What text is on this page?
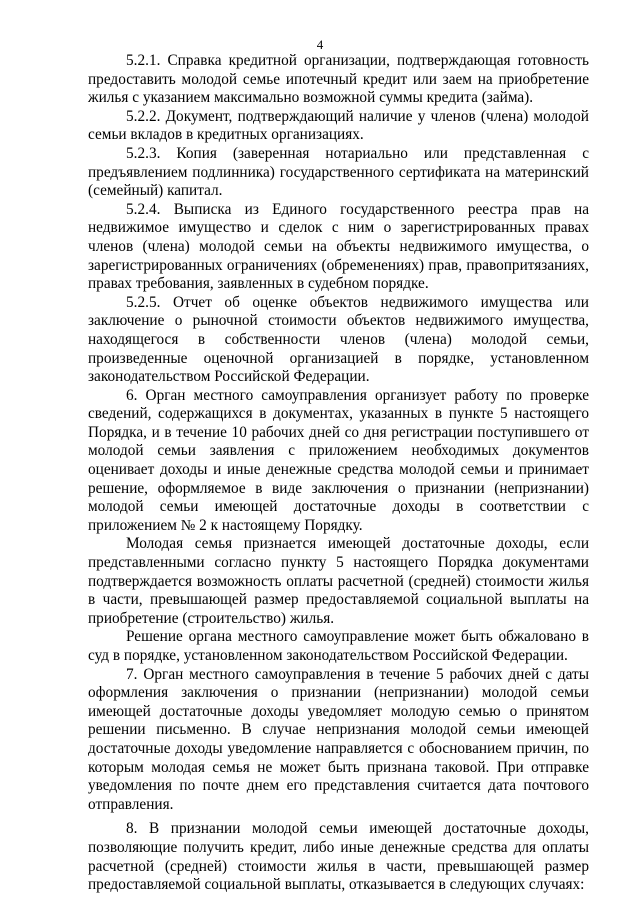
4

5.2.1. Справка кредитной организации, подтверждающая готовность предоставить молодой семье ипотечный кредит или заем на приобретение жилья с указанием максимально возможной суммы кредита (займа).

5.2.2. Документ, подтверждающий наличие у членов (члена) молодой семьи вкладов в кредитных организациях.

5.2.3. Копия (заверенная нотариально или представленная с предъявлением подлинника) государственного сертификата на материнский (семейный) капитал.

5.2.4. Выписка из Единого государственного реестра прав на недвижимое имущество и сделок с ним о зарегистрированных правах членов (члена) молодой семьи на объекты недвижимого имущества, о зарегистрированных ограничениях (обременениях) прав, правопритязаниях, правах требования, заявленных в судебном порядке.

5.2.5. Отчет об оценке объектов недвижимого имущества или заключение о рыночной стоимости объектов недвижимого имущества, находящегося в собственности членов (члена) молодой семьи, произведенные оценочной организацией в порядке, установленном законодательством Российской Федерации.

6. Орган местного самоуправления организует работу по проверке сведений, содержащихся в документах, указанных в пункте 5 настоящего Порядка, и в течение 10 рабочих дней со дня регистрации поступившего от молодой семьи заявления с приложением необходимых документов оценивает доходы и иные денежные средства молодой семьи и принимает решение, оформляемое в виде заключения о признании (непризнании) молодой семьи имеющей достаточные доходы в соответствии с приложением № 2 к настоящему Порядку.

Молодая семья признается имеющей достаточные доходы, если представленными согласно пункту 5 настоящего Порядка документами подтверждается возможность оплаты расчетной (средней) стоимости жилья в части, превышающей размер предоставляемой социальной выплаты на приобретение (строительство) жилья.

Решение органа местного самоуправление может быть обжаловано в суд в порядке, установленном законодательством Российской Федерации.

7. Орган местного самоуправления в течение 5 рабочих дней с даты оформления заключения о признании (непризнании) молодой семьи имеющей достаточные доходы уведомляет молодую семью о принятом решении письменно. В случае непризнания молодой семьи имеющей достаточные доходы уведомление направляется с обоснованием причин, по которым молодая семья не может быть признана таковой. При отправке уведомления по почте днем его представления считается дата почтового отправления.

8. В признании молодой семьи имеющей достаточные доходы, позволяющие получить кредит, либо иные денежные средства для оплаты расчетной (средней) стоимости жилья в части, превышающей размер предоставляемой социальной выплаты, отказывается в следующих случаях:
